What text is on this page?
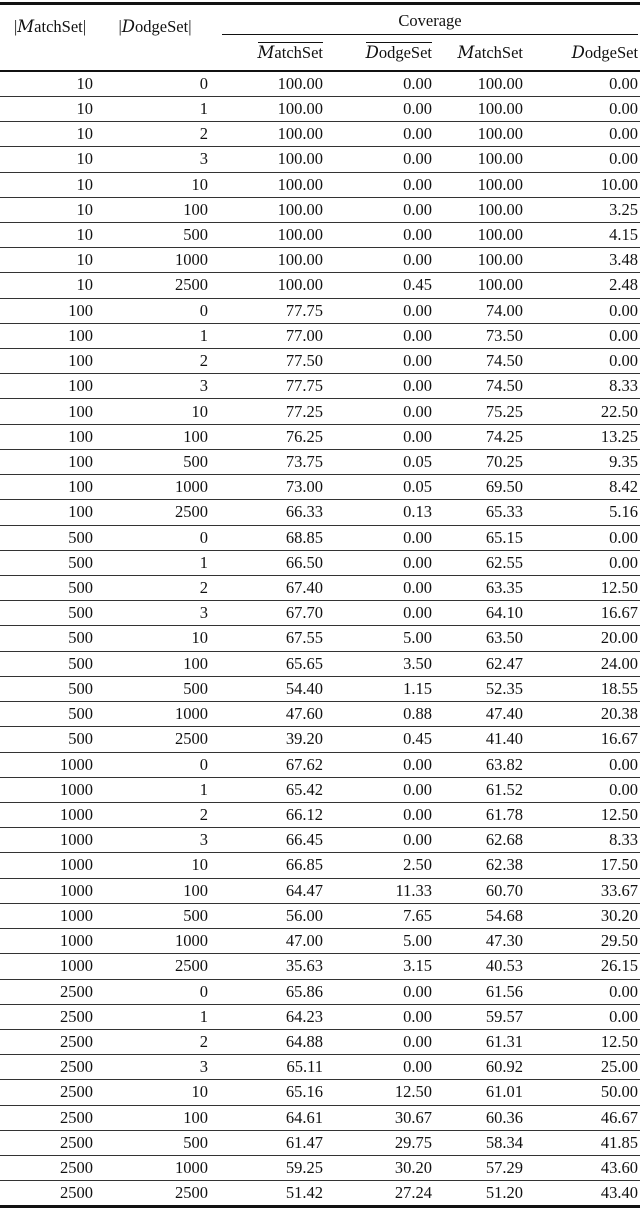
|MatchSet|	|DodgeSet|	Coverage			

		MatchSet	DodgeSet	MatchSet	DodgeSet
10	0	100.00	0.00	100.00	0.00
10	1	100.00	0.00	100.00	0.00
10	2	100.00	0.00	100.00	0.00
10	3	100.00	0.00	100.00	0.00
10	10	100.00	0.00	100.00	10.00
10	100	100.00	0.00	100.00	3.25
10	500	100.00	0.00	100.00	4.15
10	1000	100.00	0.00	100.00	3.48
10	2500	100.00	0.45	100.00	2.48
100	0	77.75	0.00	74.00	0.00
100	1	77.00	0.00	73.50	0.00
100	2	77.50	0.00	74.50	0.00
100	3	77.75	0.00	74.50	8.33
100	10	77.25	0.00	75.25	22.50
100	100	76.25	0.00	74.25	13.25
100	500	73.75	0.05	70.25	9.35
100	1000	73.00	0.05	69.50	8.42
100	2500	66.33	0.13	65.33	5.16
500	0	68.85	0.00	65.15	0.00
500	1	66.50	0.00	62.55	0.00
500	2	67.40	0.00	63.35	12.50
500	3	67.70	0.00	64.10	16.67
500	10	67.55	5.00	63.50	20.00
500	100	65.65	3.50	62.47	24.00
500	500	54.40	1.15	52.35	18.55
500	1000	47.60	0.88	47.40	20.38
500	2500	39.20	0.45	41.40	16.67
1000	0	67.62	0.00	63.82	0.00
1000	1	65.42	0.00	61.52	0.00
1000	2	66.12	0.00	61.78	12.50
1000	3	66.45	0.00	62.68	8.33
1000	10	66.85	2.50	62.38	17.50
1000	100	64.47	11.33	60.70	33.67
1000	500	56.00	7.65	54.68	30.20
1000	1000	47.00	5.00	47.30	29.50
1000	2500	35.63	3.15	40.53	26.15
2500	0	65.86	0.00	61.56	0.00
2500	1	64.23	0.00	59.57	0.00
2500	2	64.88	0.00	61.31	12.50
2500	3	65.11	0.00	60.92	25.00
2500	10	65.16	12.50	61.01	50.00
2500	100	64.61	30.67	60.36	46.67
2500	500	61.47	29.75	58.34	41.85
2500	1000	59.25	30.20	57.29	43.60
2500	2500	51.42	27.24	51.20	43.40
